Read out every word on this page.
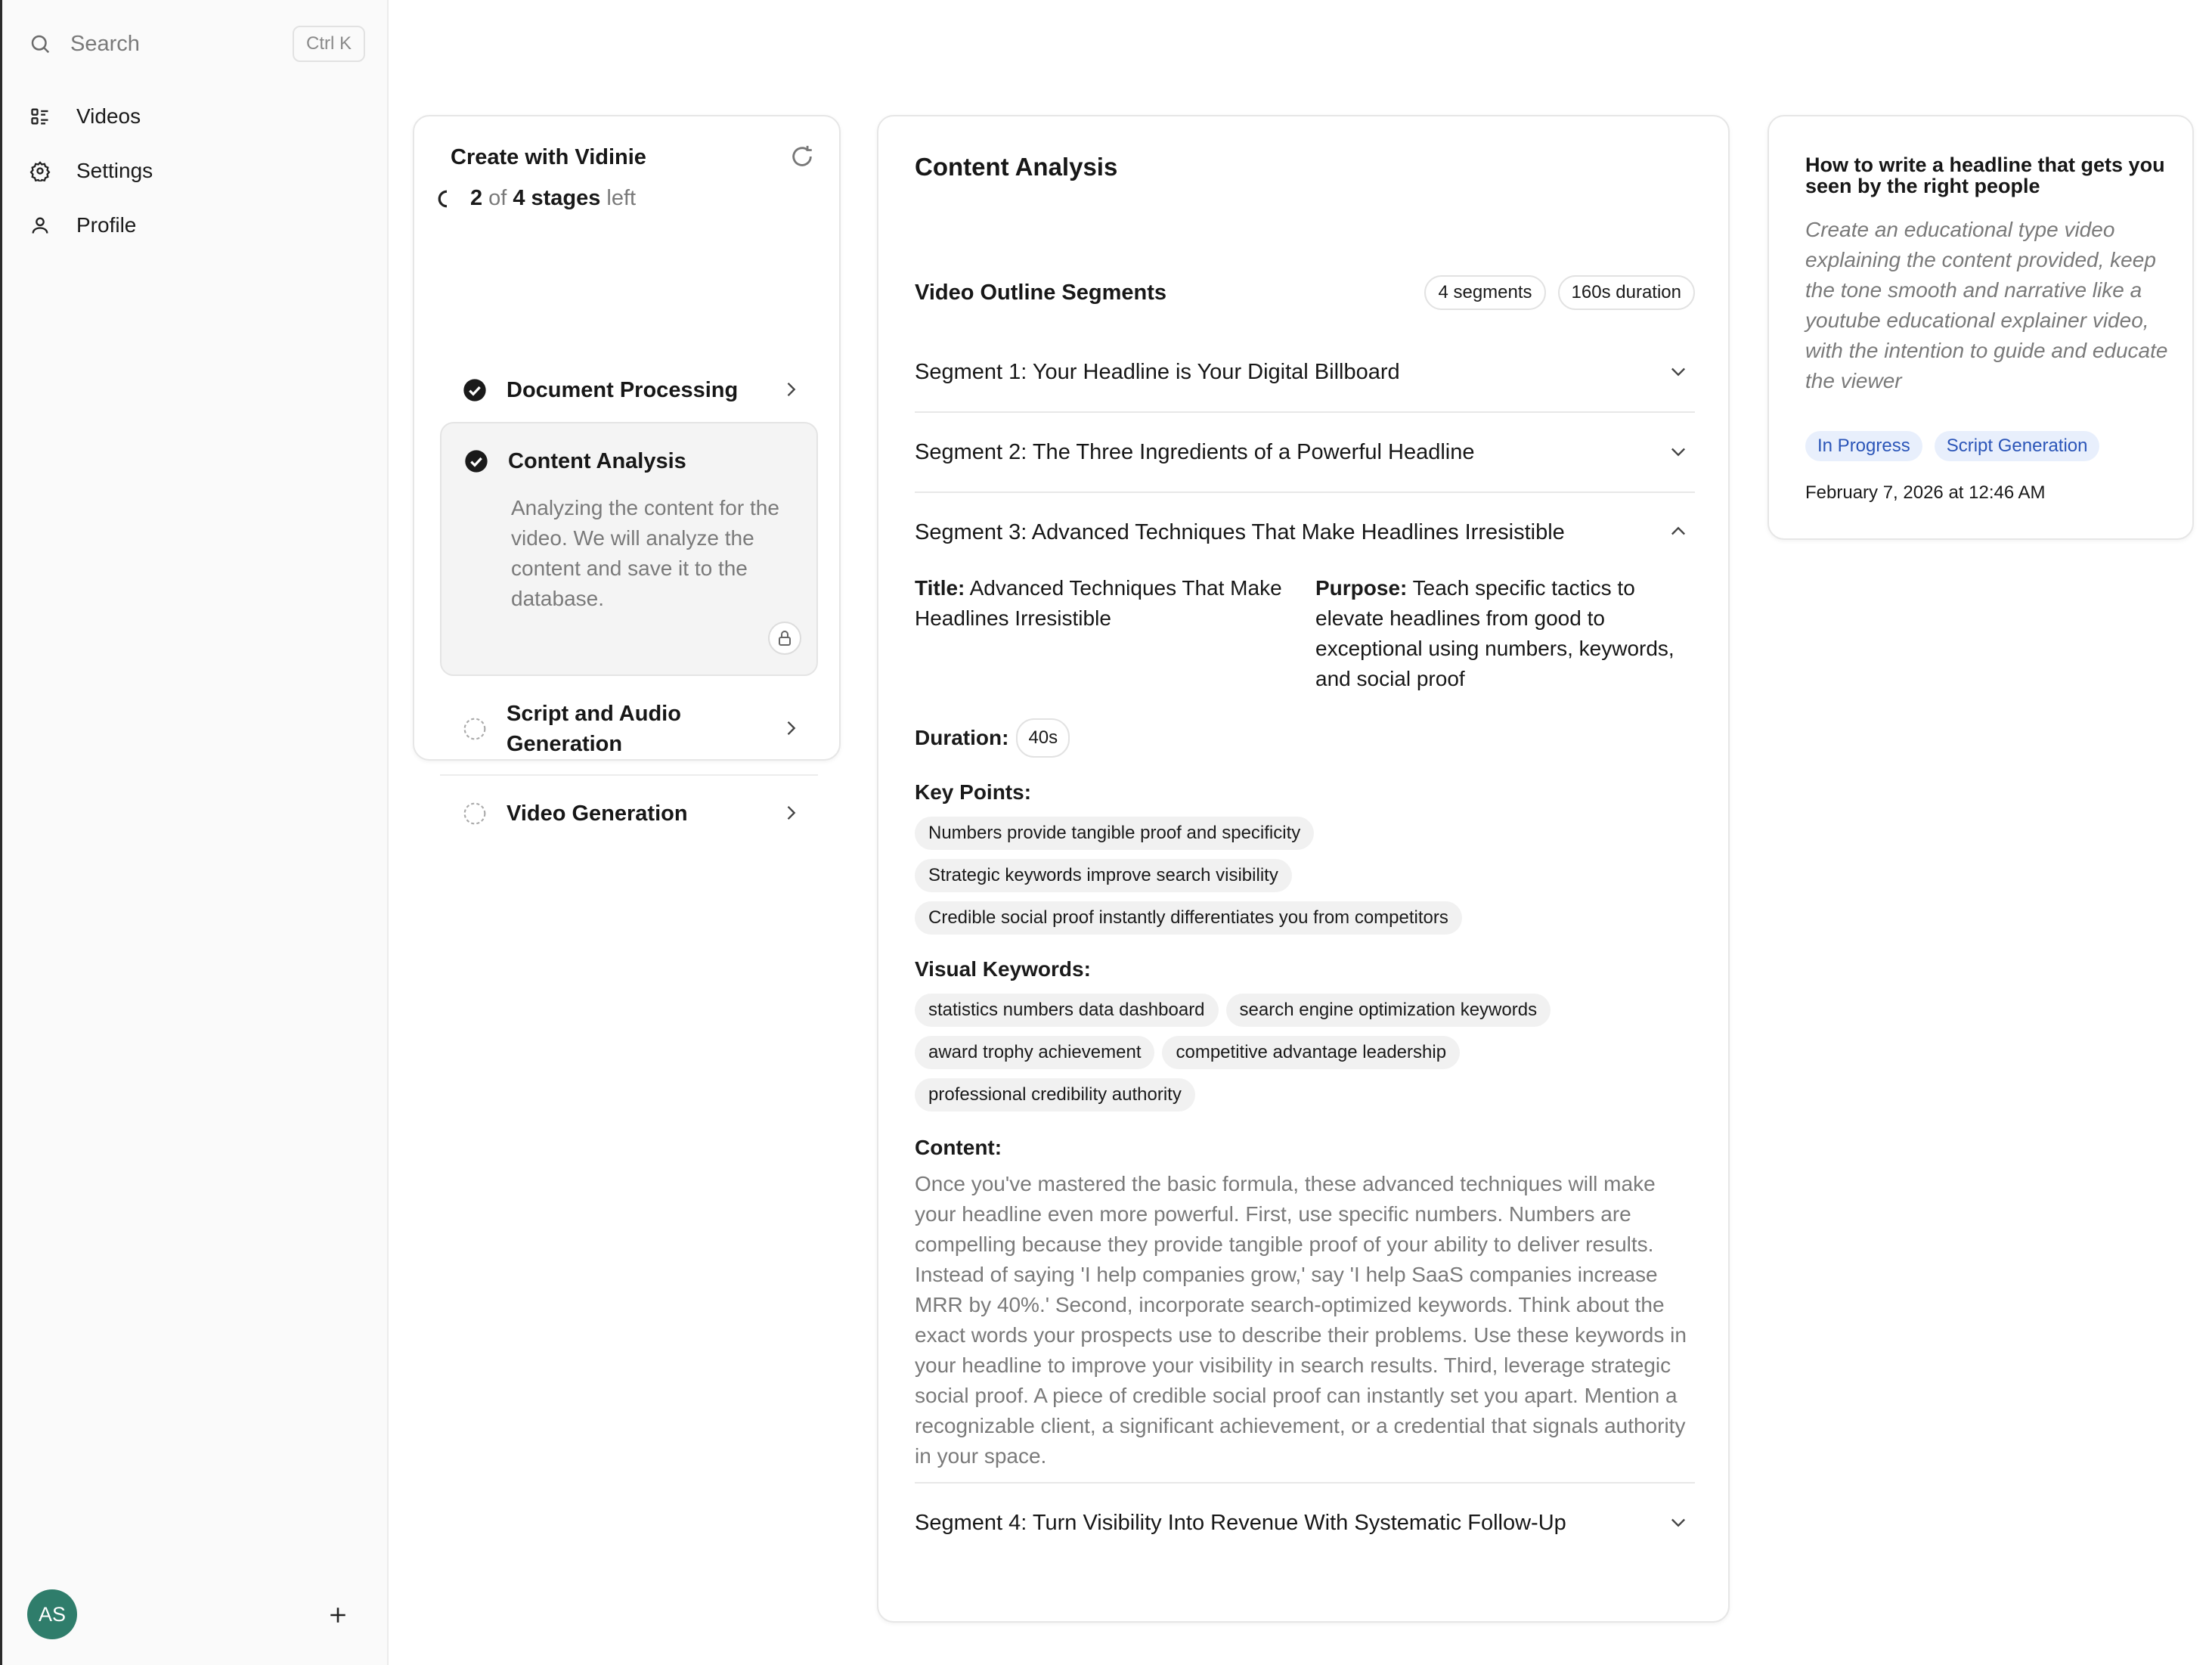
Search	Ctrl K
Videos
Settings
Profile
AS
Create with Vidinie
2 of 4 stages left
Document Processing
Content Analysis
Analyzing the content for the video. We will analyze the content and save it to the database.
Script and Audio Generation
Video Generation
Content Analysis
Video Outline Segments	4 segments	160s duration
Segment 1: Your Headline is Your Digital Billboard
Segment 2: The Three Ingredients of a Powerful Headline
Segment 3: Advanced Techniques That Make Headlines Irresistible
Title: Advanced Techniques That Make Headlines Irresistible
Purpose: Teach specific tactics to elevate headlines from good to exceptional using numbers, keywords, and social proof
Duration:	40s
Key Points:
Numbers provide tangible proof and specificity
Strategic keywords improve search visibility
Credible social proof instantly differentiates you from competitors
Visual Keywords:
statistics numbers data dashboard	search engine optimization keywords
award trophy achievement	competitive advantage leadership
professional credibility authority
Content:
Once you've mastered the basic formula, these advanced techniques will make your headline even more powerful. First, use specific numbers. Numbers are compelling because they provide tangible proof of your ability to deliver results. Instead of saying 'I help companies grow,' say 'I help SaaS companies increase MRR by 40%.' Second, incorporate search-optimized keywords. Think about the exact words your prospects use to describe their problems. Use these keywords in your headline to improve your visibility in search results. Third, leverage strategic social proof. A piece of credible social proof can instantly set you apart. Mention a recognizable client, a significant achievement, or a credential that signals authority in your space.
Segment 4: Turn Visibility Into Revenue With Systematic Follow-Up
How to write a headline that gets you seen by the right people
Create an educational type video explaining the content provided, keep the tone smooth and narrative like a youtube educational explainer video, with the intention to guide and educate the viewer
In Progress	Script Generation
February 7, 2026 at 12:46 AM
